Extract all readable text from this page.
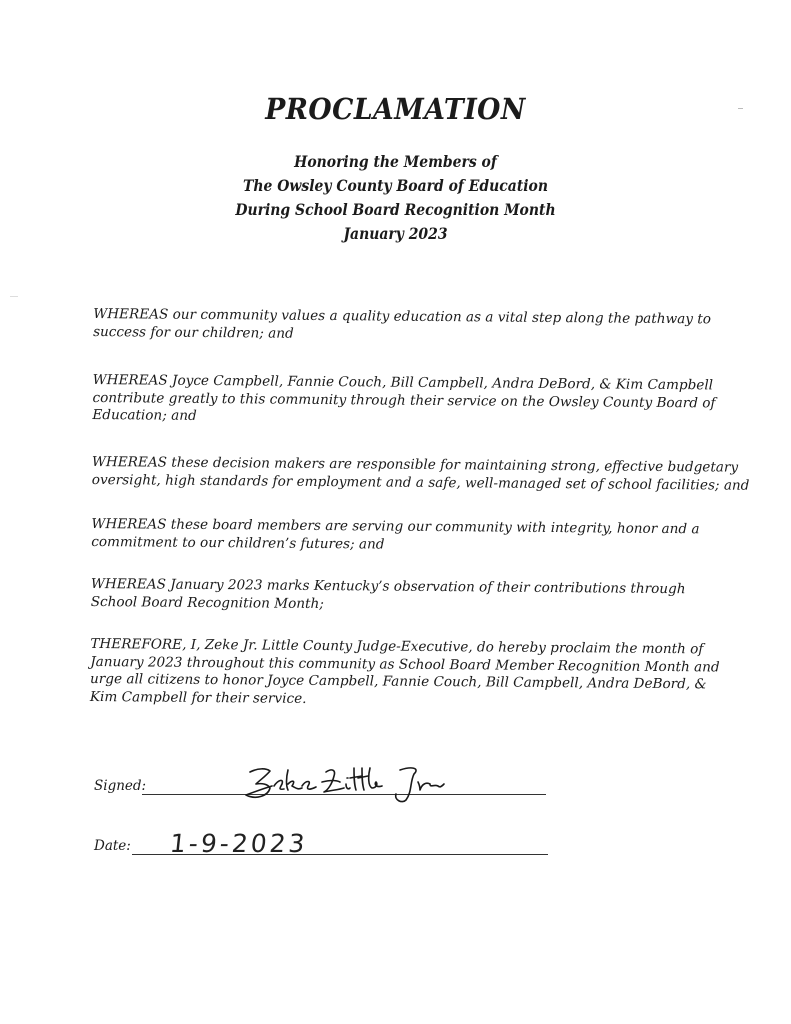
PROCLAMATION
Honoring the Members of
The Owsley County Board of Education
During School Board Recognition Month
January 2023
WHEREAS our community values a quality education as a vital step along the pathway to
success for our children; and
WHEREAS Joyce Campbell, Fannie Couch, Bill Campbell, Andra DeBord, & Kim Campbell
contribute greatly to this community through their service on the Owsley County Board of
Education; and
WHEREAS these decision makers are responsible for maintaining strong, effective budgetary
oversight, high standards for employment and a safe, well-managed set of school facilities; and
WHEREAS these board members are serving our community with integrity, honor and a
commitment to our children’s futures; and
WHEREAS January 2023 marks Kentucky’s observation of their contributions through
School Board Recognition Month;
THEREFORE, I, Zeke Jr. Little County Judge-Executive, do hereby proclaim the month of
January 2023 throughout this community as School Board Member Recognition Month and
urge all citizens to honor Joyce Campbell, Fannie Couch, Bill Campbell, Andra DeBord, &
Kim Campbell for their service.
Signed:
Date: 1-9-2023
